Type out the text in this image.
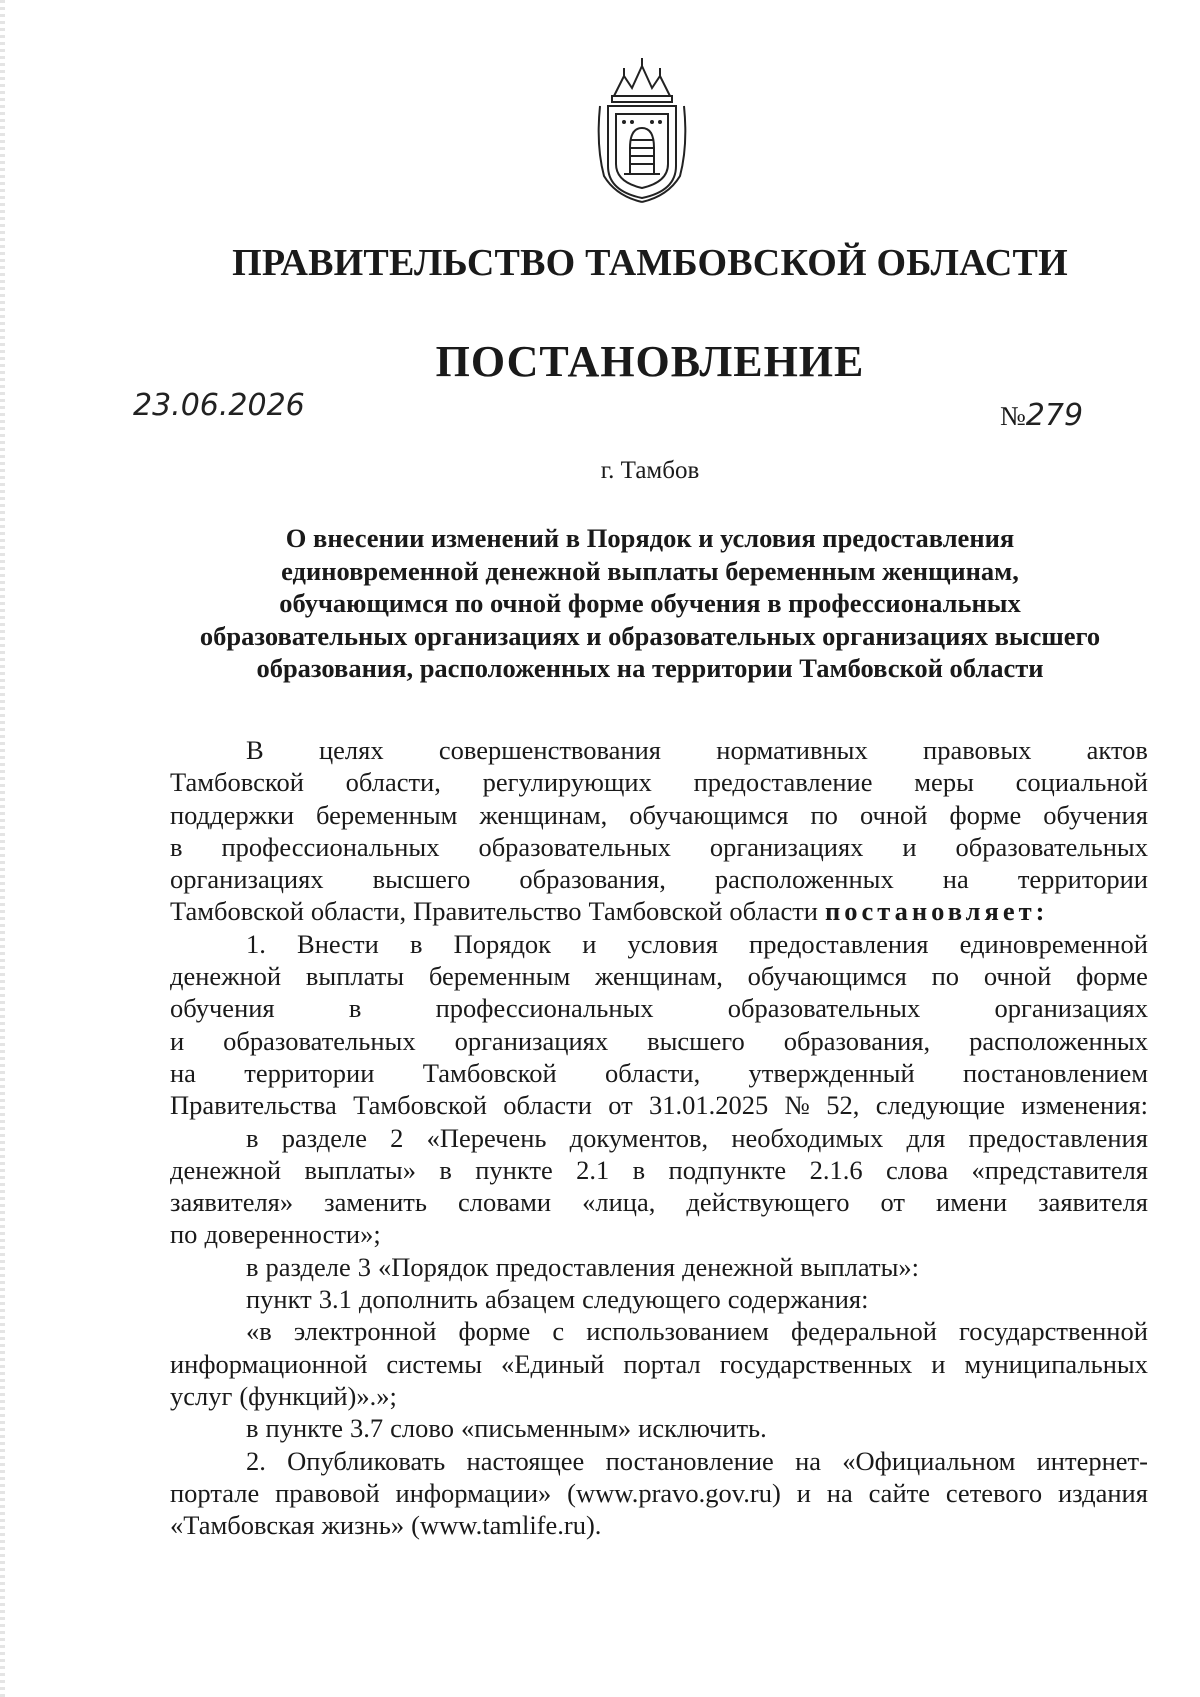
ПРАВИТЕЛЬСТВО ТАМБОВСКОЙ ОБЛАСТИ
ПОСТАНОВЛЕНИЕ
23.06.2026	№279
г. Тамбов
О внесении изменений в Порядок и условия предоставления
единовременной денежной выплаты беременным женщинам,
обучающимся по очной форме обучения в профессиональных
образовательных организациях и образовательных организациях высшего
образования, расположенных на территории Тамбовской области
В целях совершенствования нормативных правовых актов
Тамбовской области, регулирующих предоставление меры социальной
поддержки беременным женщинам, обучающимся по очной форме обучения
в профессиональных образовательных организациях и образовательных
организациях высшего образования, расположенных на территории
Тамбовской области, Правительство Тамбовской области постановляет:
1. Внести в Порядок и условия предоставления единовременной
денежной выплаты беременным женщинам, обучающимся по очной форме
обучения	в	профессиональных	образовательных	организациях
и образовательных организациях высшего образования, расположенных
на территории Тамбовской области, утвержденный постановлением
Правительства Тамбовской области от 31.01.2025 № 52, следующие изменения:
в разделе 2 «Перечень документов, необходимых для предоставления
денежной выплаты» в пункте 2.1 в подпункте 2.1.6 слова «представителя
заявителя» заменить словами «лица, действующего от имени заявителя
по доверенности»;
в разделе 3 «Порядок предоставления денежной выплаты»:
пункт 3.1 дополнить абзацем следующего содержания:
«в электронной форме с использованием федеральной государственной
информационной системы «Единый портал государственных и муниципальных
услуг (функций)».»;
в пункте 3.7 слово «письменным» исключить.
2. Опубликовать настоящее постановление на «Официальном интернет-
портале правовой информации» (www.pravo.gov.ru) и на сайте сетевого издания
«Тамбовская жизнь» (www.tamlife.ru).
